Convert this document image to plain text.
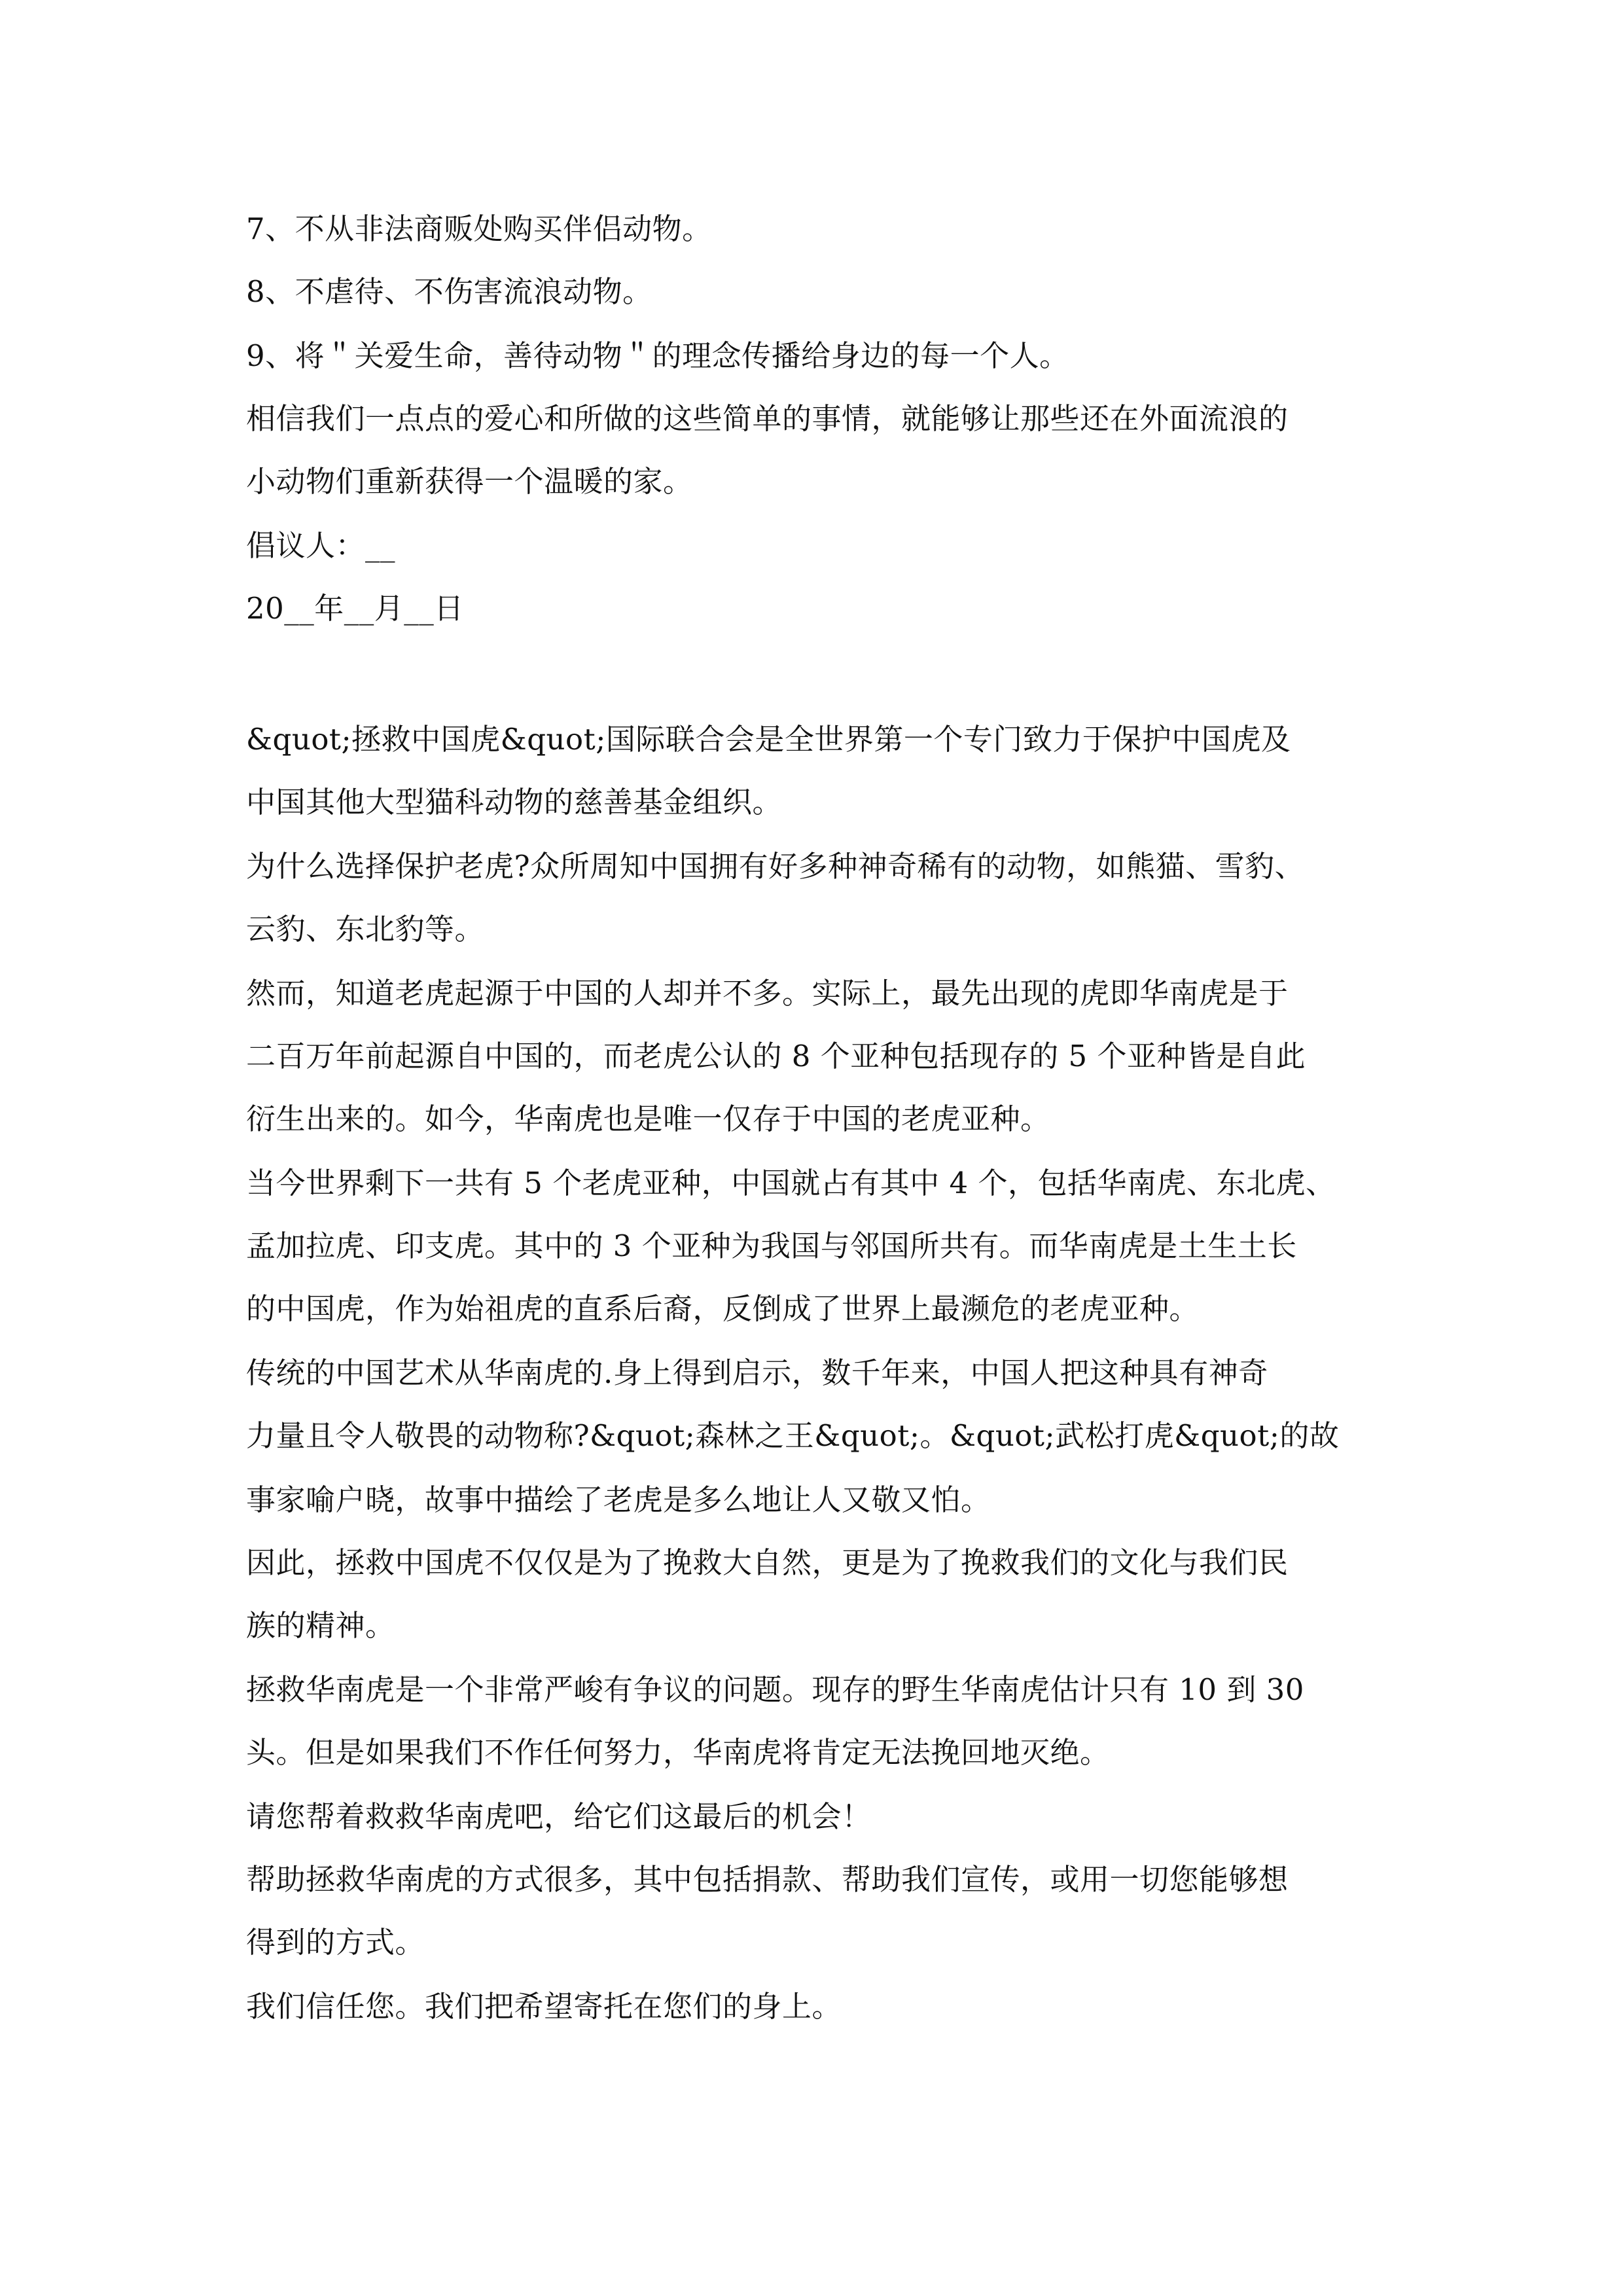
7、不从非法商贩处购买伴侣动物。
8、不虐待、不伤害流浪动物。
9、将＂关爱生命，善待动物＂的理念传播给身边的每一个人。
相信我们一点点的爱心和所做的这些简单的事情，就能够让那些还在外面流浪的
小动物们重新获得一个温暖的家。
倡议人：__
20__年__月__日
&quot;拯救中国虎&quot;国际联合会是全世界第一个专门致力于保护中国虎及
中国其他大型猫科动物的慈善基金组织。
为什么选择保护老虎?众所周知中国拥有好多种神奇稀有的动物，如熊猫、雪豹、
云豹、东北豹等。
然而，知道老虎起源于中国的人却并不多。实际上，最先出现的虎即华南虎是于
二百万年前起源自中国的，而老虎公认的 8 个亚种包括现存的 5 个亚种皆是自此
衍生出来的。如今，华南虎也是唯一仅存于中国的老虎亚种。
当今世界剩下一共有 5 个老虎亚种，中国就占有其中 4 个，包括华南虎、东北虎、
孟加拉虎、印支虎。其中的 3 个亚种为我国与邻国所共有。而华南虎是土生土长
的中国虎，作为始祖虎的直系后裔，反倒成了世界上最濒危的老虎亚种。
传统的中国艺术从华南虎的.身上得到启示，数千年来，中国人把这种具有神奇
力量且令人敬畏的动物称?&quot;森林之王&quot;。&quot;武松打虎&quot;的故
事家喻户晓，故事中描绘了老虎是多么地让人又敬又怕。
因此，拯救中国虎不仅仅是为了挽救大自然，更是为了挽救我们的文化与我们民
族的精神。
拯救华南虎是一个非常严峻有争议的问题。现存的野生华南虎估计只有 10 到 30
头。但是如果我们不作任何努力，华南虎将肯定无法挽回地灭绝。
请您帮着救救华南虎吧，给它们这最后的机会！
帮助拯救华南虎的方式很多，其中包括捐款、帮助我们宣传，或用一切您能够想
得到的方式。
我们信任您。我们把希望寄托在您们的身上。
